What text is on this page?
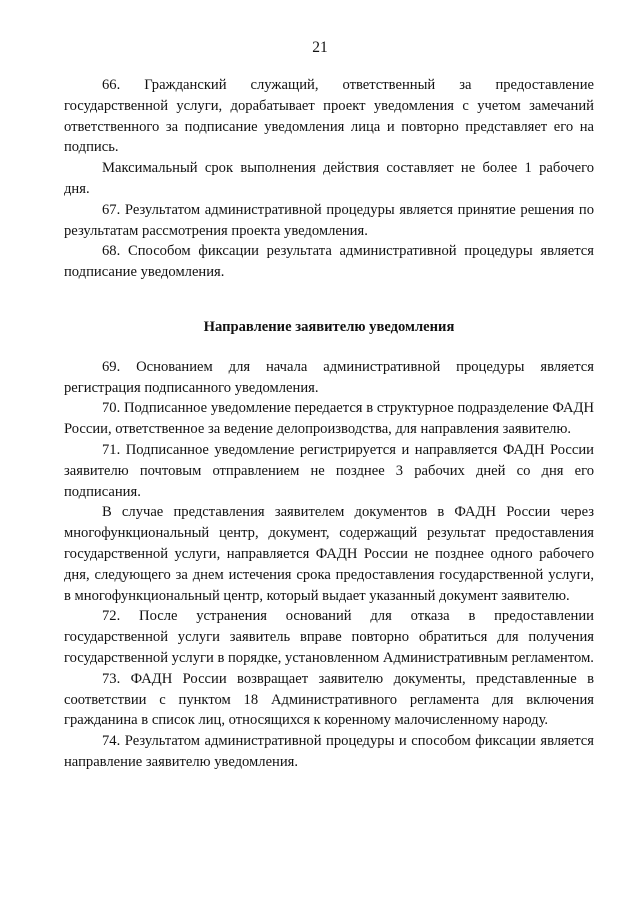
21

66. Гражданский служащий, ответственный за предоставление государственной услуги, дорабатывает проект уведомления с учетом замечаний ответственного за подписание уведомления лица и повторно представляет его на подпись.

Максимальный срок выполнения действия составляет не более 1 рабочего дня.

67. Результатом административной процедуры является принятие решения по результатам рассмотрения проекта уведомления.

68. Способом фиксации результата административной процедуры является подписание уведомления.

Направление заявителю уведомления

69. Основанием для начала административной процедуры является регистрация подписанного уведомления.

70. Подписанное уведомление передается в структурное подразделение ФАДН России, ответственное за ведение делопроизводства, для направления заявителю.

71. Подписанное уведомление регистрируется и направляется ФАДН России заявителю почтовым отправлением не позднее 3 рабочих дней со дня его подписания.

В случае представления заявителем документов в ФАДН России через многофункциональный центр, документ, содержащий результат предоставления государственной услуги, направляется ФАДН России не позднее одного рабочего дня, следующего за днем истечения срока предоставления государственной услуги, в многофункциональный центр, который выдает указанный документ заявителю.

72. После устранения оснований для отказа в предоставлении государственной услуги заявитель вправе повторно обратиться для получения государственной услуги в порядке, установленном Административным регламентом.

73. ФАДН России возвращает заявителю документы, представленные в соответствии с пунктом 18 Административного регламента для включения гражданина в список лиц, относящихся к коренному малочисленному народу.

74. Результатом административной процедуры и способом фиксации является направление заявителю уведомления.
